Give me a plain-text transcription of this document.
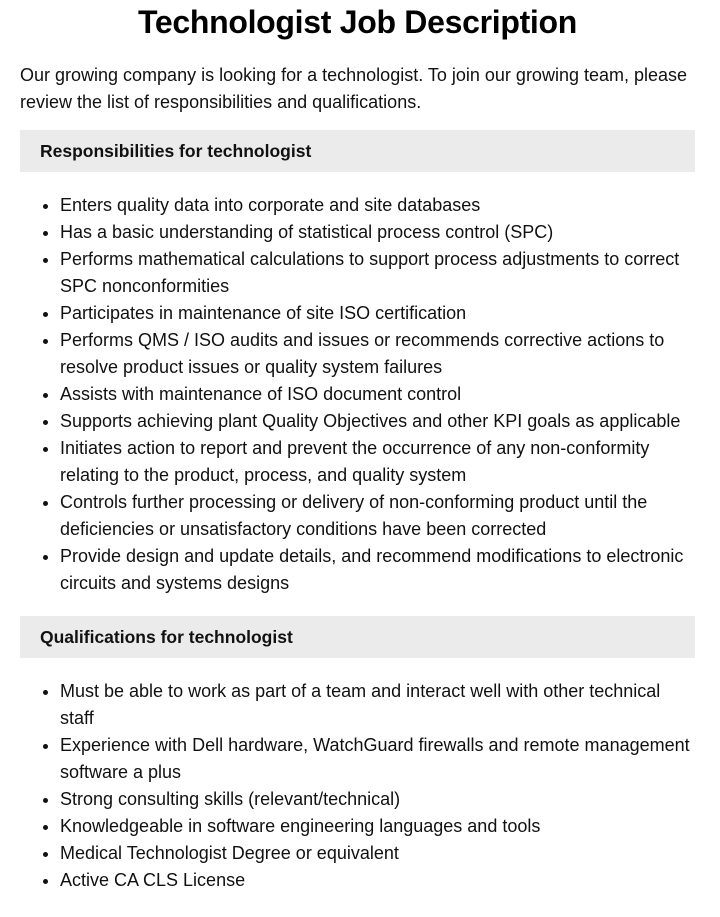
Technologist Job Description

Our growing company is looking for a technologist. To join our growing team, please review the list of responsibilities and qualifications.

Responsibilities for technologist
• Enters quality data into corporate and site databases
• Has a basic understanding of statistical process control (SPC)
• Performs mathematical calculations to support process adjustments to correct SPC nonconformities
• Participates in maintenance of site ISO certification
• Performs QMS / ISO audits and issues or recommends corrective actions to resolve product issues or quality system failures
• Assists with maintenance of ISO document control
• Supports achieving plant Quality Objectives and other KPI goals as applicable
• Initiates action to report and prevent the occurrence of any non-conformity relating to the product, process, and quality system
• Controls further processing or delivery of non-conforming product until the deficiencies or unsatisfactory conditions have been corrected
• Provide design and update details, and recommend modifications to electronic circuits and systems designs
Qualifications for technologist
• Must be able to work as part of a team and interact well with other technical staff
• Experience with Dell hardware, WatchGuard firewalls and remote management software a plus
• Strong consulting skills (relevant/technical)
• Knowledgeable in software engineering languages and tools
• Medical Technologist Degree or equivalent
• Active CA CLS License
